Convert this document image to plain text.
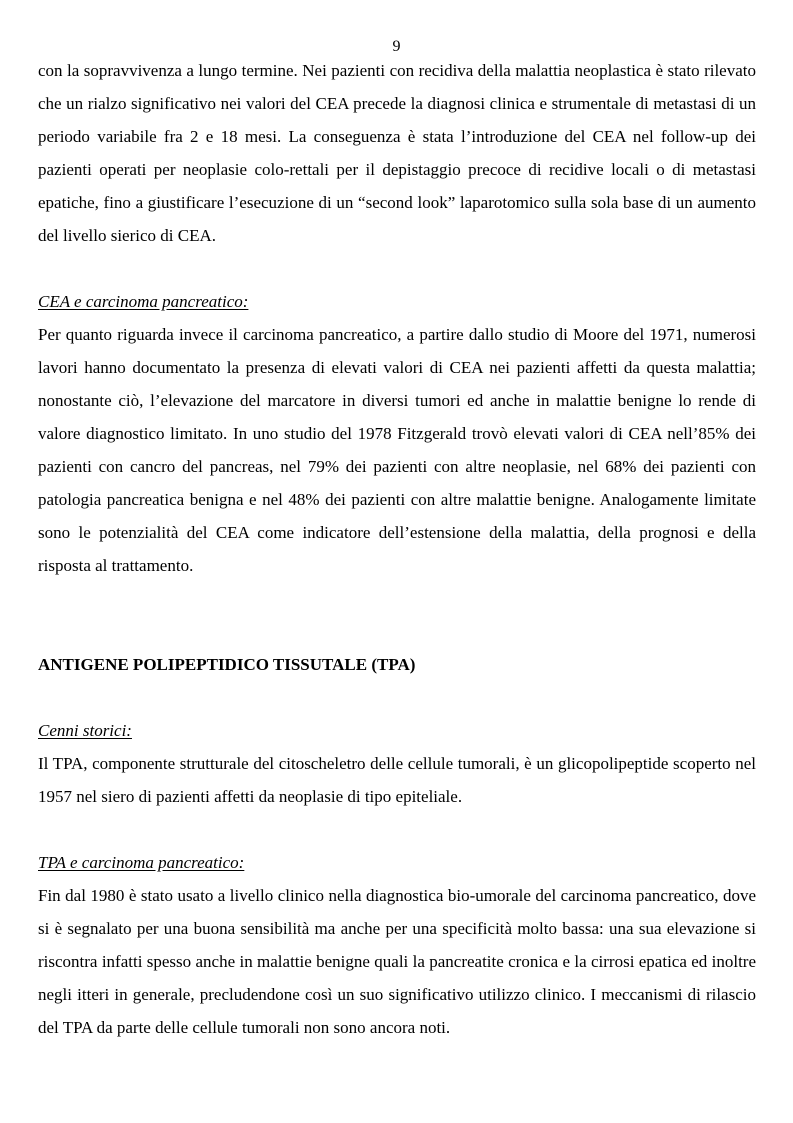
9

con la sopravvivenza a lungo termine. Nei pazienti con recidiva della malattia neoplastica è stato rilevato che un rialzo significativo nei valori del CEA precede la diagnosi clinica e strumentale di metastasi di un periodo variabile fra 2 e 18 mesi. La conseguenza è stata l’introduzione del CEA nel follow-up dei pazienti operati per neoplasie colo-rettali per il depistaggio precoce di recidive locali o di metastasi epatiche, fino a giustificare l’esecuzione di un “second look” laparotomico sulla sola base di un aumento del livello sierico di CEA.

CEA e carcinoma pancreatico:

Per quanto riguarda invece il carcinoma pancreatico, a partire dallo studio di Moore del 1971, numerosi lavori hanno documentato la presenza di elevati valori di CEA nei pazienti affetti da questa malattia; nonostante ciò, l’elevazione del marcatore in diversi tumori ed anche in malattie benigne lo rende di valore diagnostico limitato. In uno studio del 1978 Fitzgerald trovò elevati valori di CEA nell’85% dei pazienti con cancro del pancreas, nel 79% dei pazienti con altre neoplasie, nel 68% dei pazienti con patologia pancreatica benigna e nel 48% dei pazienti con altre malattie benigne. Analogamente limitate sono le potenzialità del CEA come indicatore dell’estensione della malattia, della prognosi e della risposta al trattamento.

ANTIGENE POLIPEPTIDICO TISSUTALE (TPA)
Cenni storici:

Il TPA, componente strutturale del citoscheletro delle cellule tumorali, è un glicopolipeptide scoperto nel 1957 nel siero di pazienti affetti da neoplasie di tipo epiteliale.

TPA e carcinoma pancreatico:

Fin dal 1980 è stato usato a livello clinico nella diagnostica bio-umorale del carcinoma pancreatico, dove si è segnalato per una buona sensibilità ma anche per una specificità molto bassa: una sua elevazione si riscontra infatti spesso anche in malattie benigne quali la pancreatite cronica e la cirrosi epatica ed inoltre negli itteri in generale, precludendone così un suo significativo utilizzo clinico. I meccanismi di rilascio del TPA da parte delle cellule tumorali non sono ancora noti.
